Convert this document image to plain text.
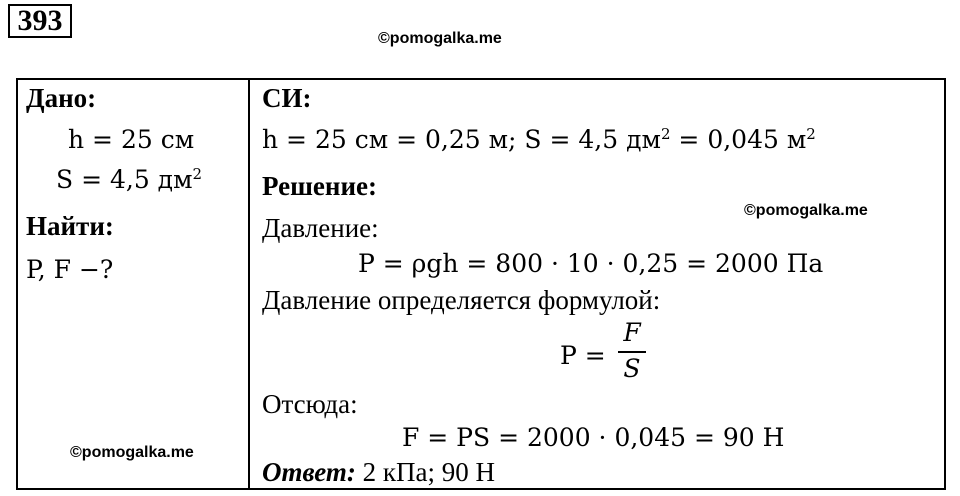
393
©pomogalka.me
Дано:
h = 25 см
S = 4,5 $дм^2$
Найти:
P, F −?
©pomogalka.me
СИ:
h = 25 см = 0,25 м; S = 4,5 $дм^2 = 0,045$ $м^2$
Решение:
©pomogalka.me
Давление:
P = ρgh = 800 · 10 · 0,25 = 2000 Па
Давление определяется формулой:
P =
F
S
Отсюда:
F = PS = 2000 · 0,045 = 90 Н
Ответ: 2 кПа; 90 Н
